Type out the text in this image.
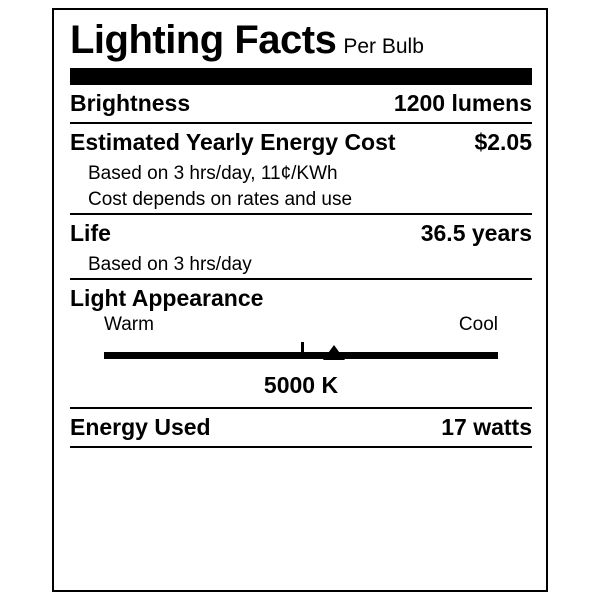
Lighting Facts Per Bulb
Brightness	1200 lumens
Estimated Yearly Energy Cost	$2.05
Based on 3 hrs/day, 11¢/KWh
Cost depends on rates and use
Life	36.5 years
Based on 3 hrs/day
Light Appearance
Warm	Cool
5000 K
Energy Used	17 watts
